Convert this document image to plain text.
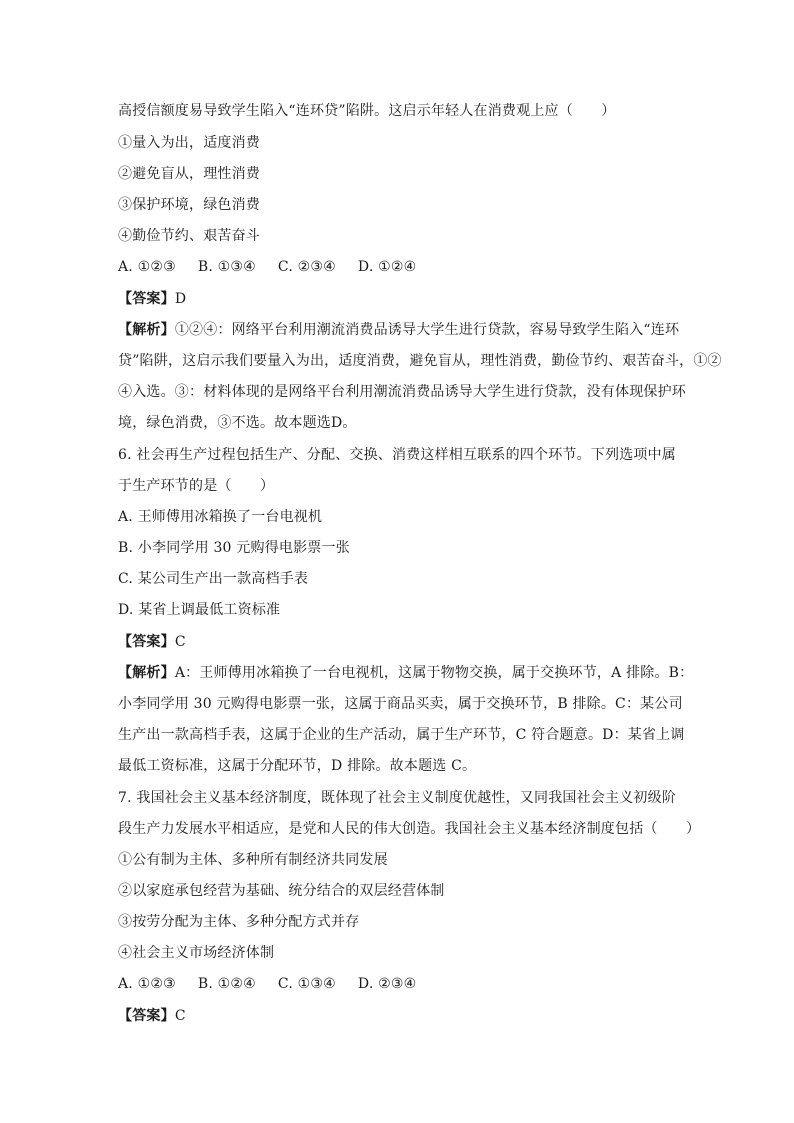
高授信额度易导致学生陷入“连环贷”陷阱。这启示年轻人在消费观上应（　　）
①量入为出，适度消费
②避免盲从，理性消费
③保护环境，绿色消费
④勤俭节约、艰苦奋斗
A. ①②③ B. ①③④ C. ②③④ D. ①②④
【答案】D
【解析】①②④：网络平台利用潮流消费品诱导大学生进行贷款，容易导致学生陷入“连环
贷”陷阱，这启示我们要量入为出，适度消费，避免盲从，理性消费，勤俭节约、艰苦奋斗，①②
④入选。③：材料体现的是网络平台利用潮流消费品诱导大学生进行贷款，没有体现保护环
境，绿色消费，③不选。故本题选D。
6. 社会再生产过程包括生产、分配、交换、消费这样相互联系的四个环节。下列选项中属
于生产环节的是（　　）
A. 王师傅用冰箱换了一台电视机
B. 小李同学用 30 元购得电影票一张
C. 某公司生产出一款高档手表
D. 某省上调最低工资标准
【答案】C
【解析】A：王师傅用冰箱换了一台电视机，这属于物物交换，属于交换环节，A 排除。B：
小李同学用 30 元购得电影票一张，这属于商品买卖，属于交换环节，B 排除。C：某公司
生产出一款高档手表，这属于企业的生产活动，属于生产环节，C 符合题意。D：某省上调
最低工资标准，这属于分配环节，D 排除。故本题选 C。
7. 我国社会主义基本经济制度，既体现了社会主义制度优越性，又同我国社会主义初级阶
段生产力发展水平相适应，是党和人民的伟大创造。我国社会主义基本经济制度包括（　　）
①公有制为主体、多种所有制经济共同发展
②以家庭承包经营为基础、统分结合的双层经营体制
③按劳分配为主体、多种分配方式并存
④社会主义市场经济体制
A. ①②③ B. ①②④ C. ①③④ D. ②③④
【答案】C
